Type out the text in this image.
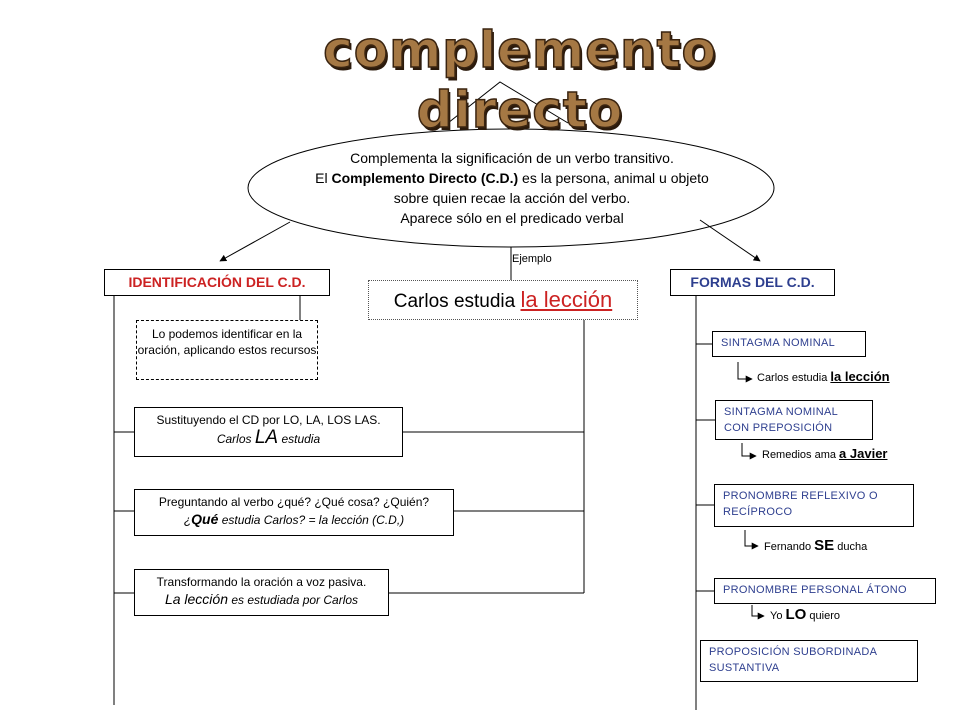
complemento directo
Complementa la significación de un verbo transitivo.
El Complemento Directo (C.D.) es la persona, animal u objeto
sobre quien recae la acción del verbo.
Aparece sólo en el predicado verbal
Ejemplo
Carlos estudia la lección
IDENTIFICACIÓN DEL C.D.
Lo podemos identificar en la oración, aplicando estos recursos
Sustituyendo el CD por LO, LA, LOS LAS.
Carlos LA estudia
Preguntando al verbo ¿qué? ¿Qué cosa? ¿Quién?
¿Qué estudia Carlos? = la lección (C.D,)
Transformando la oración a voz pasiva.
La lección es estudiada por Carlos
FORMAS DEL C.D.
SINTAGMA NOMINAL
Carlos estudia la lección
SINTAGMA NOMINAL CON PREPOSICIÓN
Remedios ama a Javier
PRONOMBRE REFLEXIVO O RECÍPROCO
Fernando SE ducha
PRONOMBRE PERSONAL ÁTONO
Yo LO quiero
PROPOSICIÓN SUBORDINADA SUSTANTIVA
